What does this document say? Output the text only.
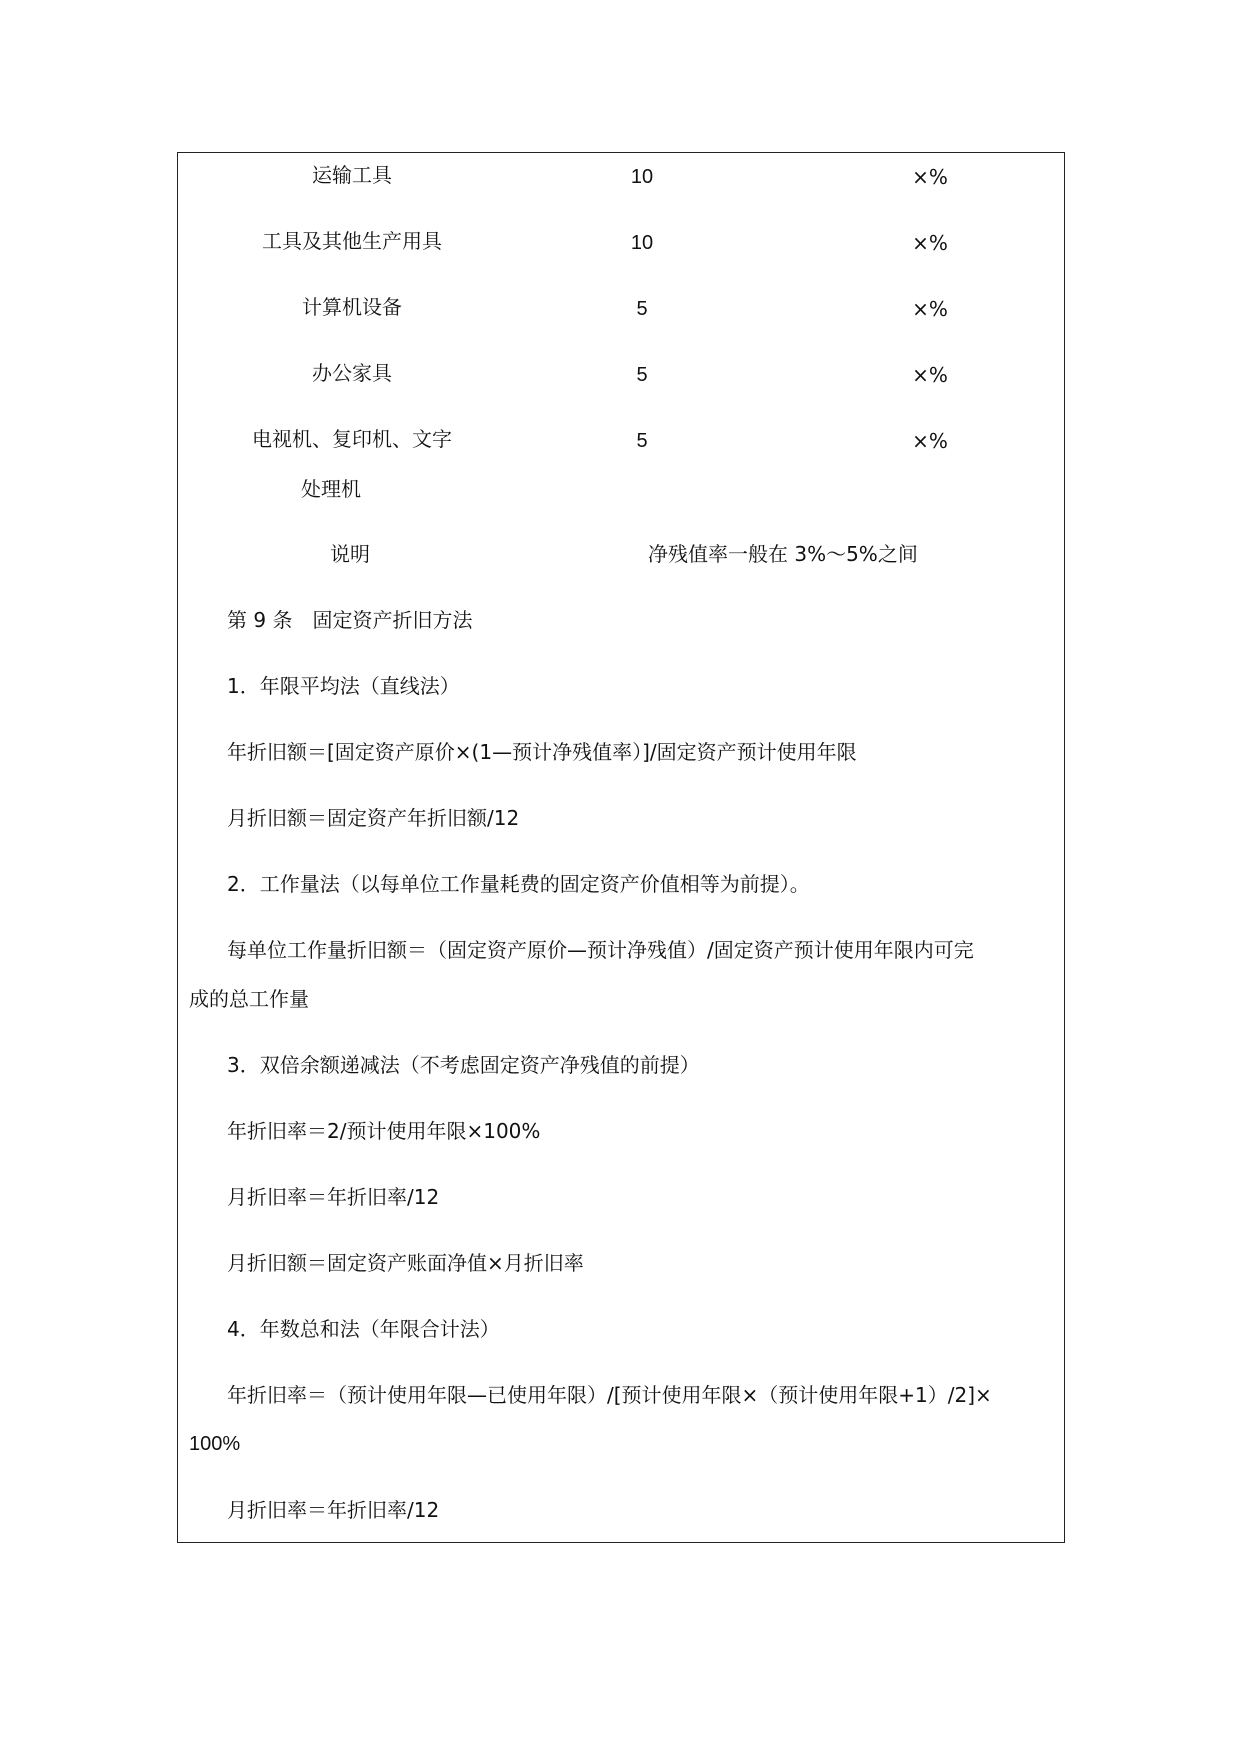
运输工具	10	×%
工具及其他生产用具	10	×%
计算机设备	5	×%
办公家具	5	×%
电视机、复印机、文字	5	×%
处理机
说明	净残值率一般在 3%～5%之间
第 9 条　固定资产折旧方法
1．年限平均法（直线法）
年折旧额＝[固定资产原价×(1—预计净残值率）]/固定资产预计使用年限
月折旧额＝固定资产年折旧额/12
2．工作量法（以每单位工作量耗费的固定资产价值相等为前提）。
每单位工作量折旧额＝（固定资产原价—预计净残值）/固定资产预计使用年限内可完
成的总工作量
3．双倍余额递减法（不考虑固定资产净残值的前提）
年折旧率＝2/预计使用年限×100%
月折旧率＝年折旧率/12
月折旧额＝固定资产账面净值×月折旧率
4．年数总和法（年限合计法）
年折旧率＝（预计使用年限—已使用年限）/[预计使用年限×（预计使用年限+1）/2]×
100%
月折旧率＝年折旧率/12
